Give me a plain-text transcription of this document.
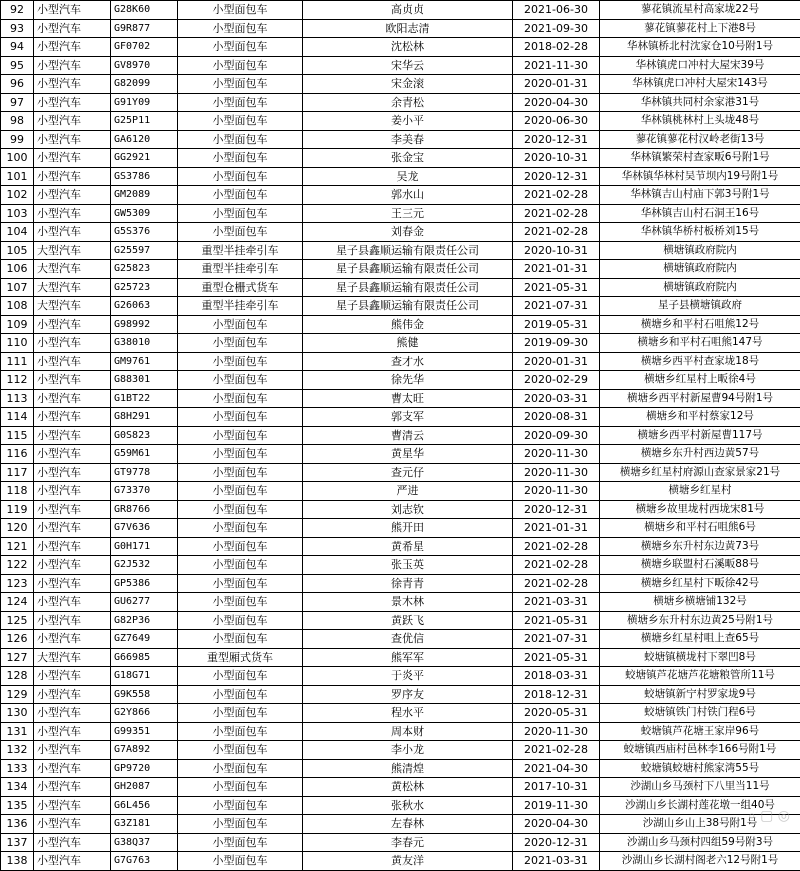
92	小型汽车	G28K60	小型面包车	高贞贞	2021-06-30	蓼花镇流星村高家垅22号
93	小型汽车	G9R877	小型面包车	欧阳志清	2021-09-30	蓼花镇蓼花村上下港8号
94	小型汽车	GF0702	小型面包车	沈松林	2018-02-28	华林镇桥北村沈家仓10号附1号
95	小型汽车	GV8970	小型面包车	宋华云	2021-11-30	华林镇虎口冲村大屋宋39号
96	小型汽车	G82099	小型面包车	宋金滚	2020-01-31	华林镇虎口冲村大屋宋143号
97	小型汽车	G91Y09	小型面包车	余青松	2020-04-30	华林镇共同村余家港31号
98	小型汽车	G25P11	小型面包车	姜小平	2020-06-30	华林镇桃林村上头垅48号
99	小型汽车	GA6120	小型面包车	李美春	2020-12-31	蓼花镇蓼花村汉岭老街13号
100	小型汽车	GG2921	小型面包车	张金宝	2020-10-31	华林镇繁荣村查家畈6号附1号
101	小型汽车	GS3786	小型面包车	吴龙	2020-12-31	华林镇华林村吴节坝内19号附1号
102	小型汽车	GM2089	小型面包车	郭水山	2021-02-28	华林镇吉山村庙下郭3号附1号
103	小型汽车	GW5309	小型面包车	王三元	2021-02-28	华林镇吉山村石洞王16号
104	小型汽车	G5S376	小型面包车	刘春金	2021-02-28	华林镇华桥村板桥刘15号
105	大型汽车	G25597	重型半挂牵引车	星子县鑫顺运输有限责任公司	2020-10-31	横塘镇政府院内
106	大型汽车	G25823	重型半挂牵引车	星子县鑫顺运输有限责任公司	2021-01-31	横塘镇政府院内
107	大型汽车	G25723	重型仓栅式货车	星子县鑫顺运输有限责任公司	2021-05-31	横塘镇政府院内
108	大型汽车	G26063	重型半挂牵引车	星子县鑫顺运输有限责任公司	2021-07-31	星子县横塘镇政府
109	小型汽车	G98992	小型面包车	熊伟金	2019-05-31	横塘乡和平村石咀熊12号
110	小型汽车	G38010	小型面包车	熊健	2019-09-30	横塘乡和平村石咀熊147号
111	小型汽车	GM9761	小型面包车	查才水	2020-01-31	横塘乡西平村查家垅18号
112	小型汽车	G88301	小型面包车	徐先华	2020-02-29	横塘乡红星村上畈徐4号
113	小型汽车	G1BT22	小型面包车	曹太旺	2020-03-31	横塘乡西平村新屋曹94号附1号
114	小型汽车	G8H291	小型面包车	郭支军	2020-08-31	横塘乡和平村蔡家12号
115	小型汽车	G0S823	小型面包车	曹清云	2020-09-30	横塘乡西平村新屋曹117号
116	小型汽车	G59M61	小型面包车	黄星华	2020-11-30	横塘乡东升村西边黄57号
117	小型汽车	GT9778	小型面包车	查元仔	2020-11-30	横塘乡红星村府源山查家景家21号
118	小型汽车	G73370	小型面包车	严进	2020-11-30	横塘乡红星村
119	小型汽车	GR8766	小型面包车	刘志钦	2020-12-31	横塘乡故里垅村西垅宋81号
120	小型汽车	G7V636	小型面包车	熊开田	2021-01-31	横塘乡和平村石咀熊6号
121	小型汽车	G0H171	小型面包车	黄希星	2021-02-28	横塘乡东升村东边黄73号
122	小型汽车	G2J532	小型面包车	张玉英	2021-02-28	横塘乡联盟村石溪畈88号
123	小型汽车	GP5386	小型面包车	徐青青	2021-02-28	横塘乡红星村下畈徐42号
124	小型汽车	GU6277	小型面包车	景木林	2021-03-31	横塘乡横塘铺132号
125	小型汽车	G82P36	小型面包车	黄跃飞	2021-05-31	横塘乡东升村东边黄25号附1号
126	小型汽车	GZ7649	小型面包车	查优信	2021-07-31	横塘乡红星村咀上查65号
127	大型汽车	G66985	重型厢式货车	熊军军	2021-05-31	蛟塘镇横垅村下翠凹8号
128	小型汽车	G18G71	小型面包车	于炎平	2018-03-31	蛟塘镇芦花塘芦花塘粮管所11号
129	小型汽车	G9K558	小型面包车	罗序友	2018-12-31	蛟塘镇新宁村罗家垅9号
130	小型汽车	G2Y866	小型面包车	程水平	2020-05-31	蛟塘镇铁门村铁门程6号
131	小型汽车	G99351	小型面包车	周本财	2020-11-30	蛟塘镇芦花塘王家岸96号
132	小型汽车	G7A892	小型面包车	李小龙	2021-02-28	蛟塘镇西庙村邑林李166号附1号
133	小型汽车	GP9720	小型面包车	熊清煌	2021-04-30	蛟塘镇蛟塘村熊家湾55号
134	小型汽车	GH2087	小型面包车	黄松林	2017-10-31	沙湖山乡马颈村下八里当11号
135	小型汽车	G6L456	小型面包车	张秋水	2019-11-30	沙湖山乡长湖村莲花墩一组40号
136	小型汽车	G3Z181	小型面包车	左春林	2020-04-30	沙湖山乡山上38号附1号
137	小型汽车	G38Q37	小型面包车	李春元	2020-12-31	沙湖山乡马颈村四组59号附3号
138	小型汽车	G7G763	小型面包车	黄友洋	2021-03-31	沙湖山乡长湖村阁老六12号附1号
⌕ ▢ ◎
